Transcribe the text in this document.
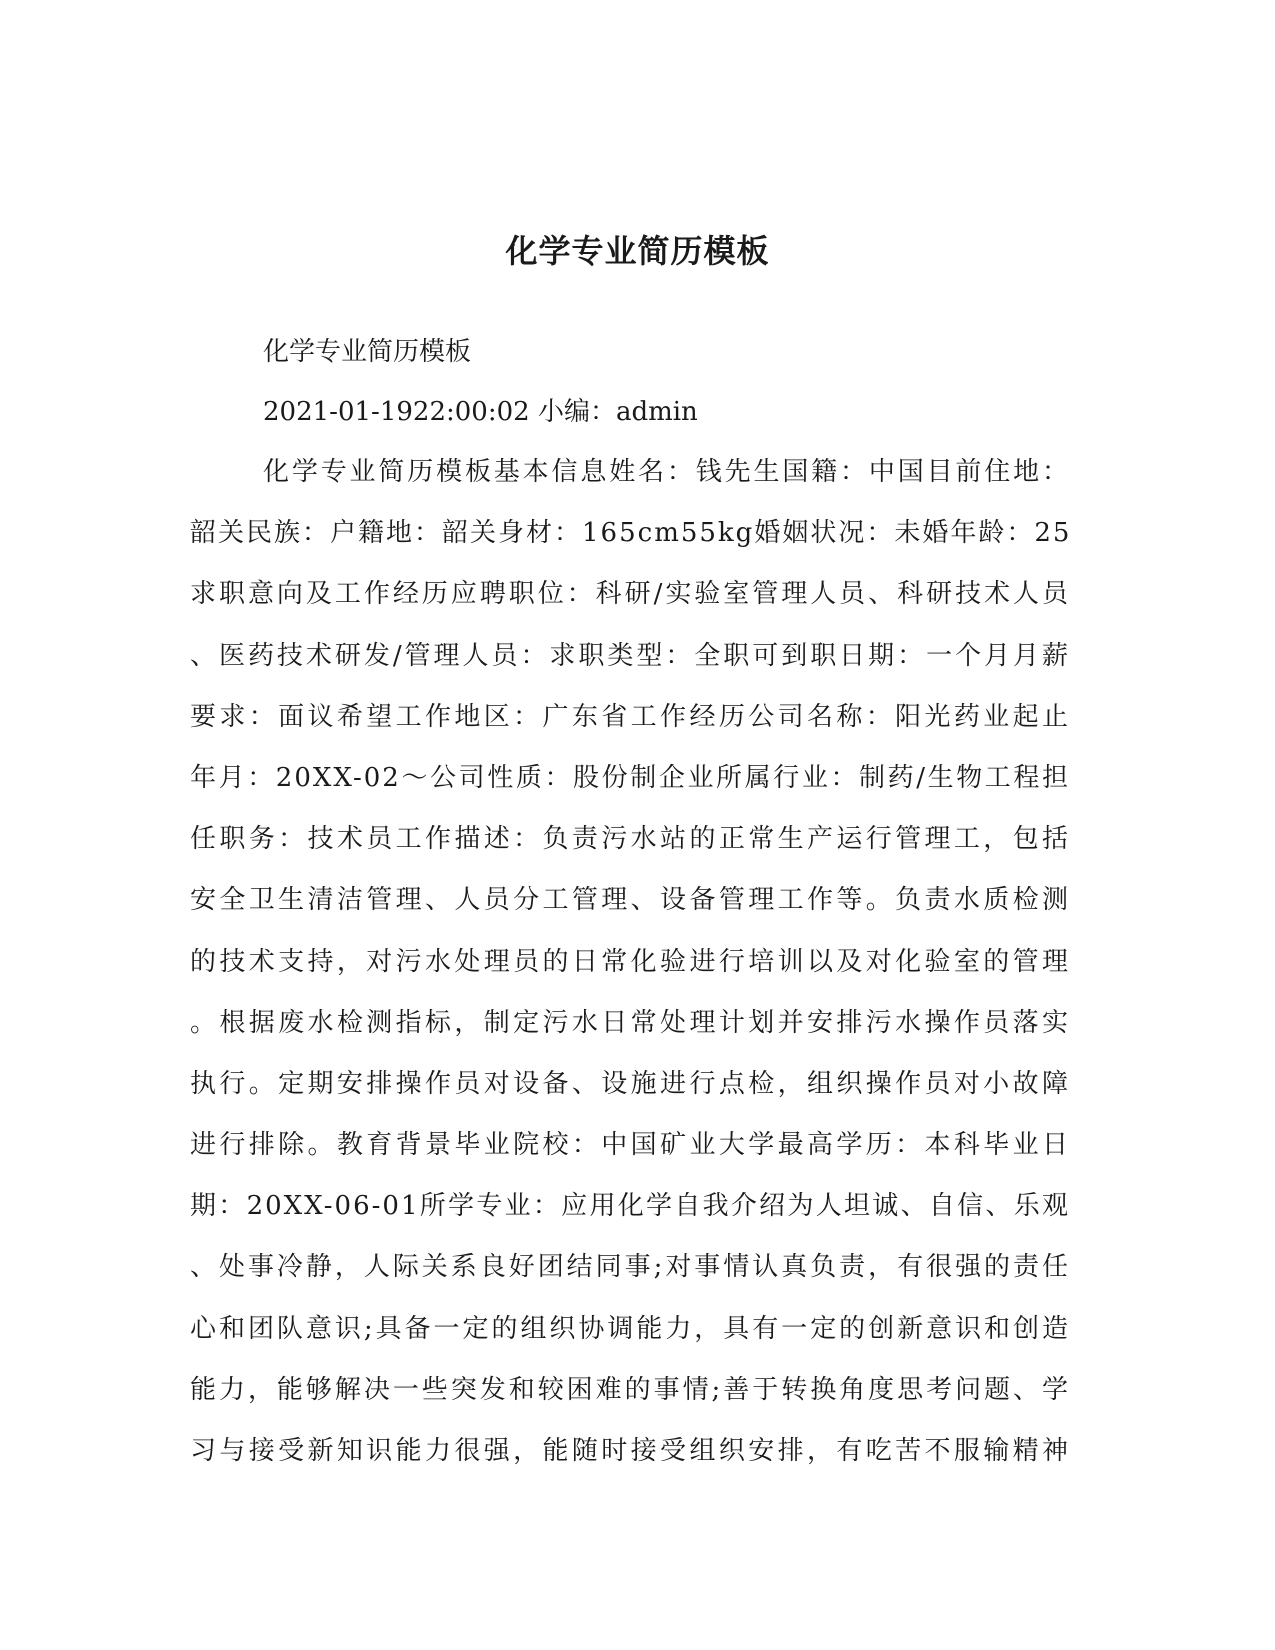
化学专业简历模板

化学专业简历模板

2021-01-1922:00:02 小编：admin

化学专业简历模板基本信息姓名：钱先生国籍：中国目前住地：
韶关民族：户籍地：韶关身材：165cm55kg婚姻状况：未婚年龄：25
求职意向及工作经历应聘职位：科研/实验室管理人员、科研技术人员
、医药技术研发/管理人员：求职类型：全职可到职日期：一个月月薪
要求：面议希望工作地区：广东省工作经历公司名称：阳光药业起止
年月：20XX-02～公司性质：股份制企业所属行业：制药/生物工程担
任职务：技术员工作描述：负责污水站的正常生产运行管理工，包括
安全卫生清洁管理、人员分工管理、设备管理工作等。负责水质检测
的技术支持，对污水处理员的日常化验进行培训以及对化验室的管理
。根据废水检测指标，制定污水日常处理计划并安排污水操作员落实
执行。定期安排操作员对设备、设施进行点检，组织操作员对小故障
进行排除。教育背景毕业院校：中国矿业大学最高学历：本科毕业日
期：20XX-06-01所学专业：应用化学自我介绍为人坦诚、自信、乐观
、处事冷静，人际关系良好团结同事;对事情认真负责，有很强的责任
心和团队意识;具备一定的组织协调能力，具有一定的创新意识和创造
能力，能够解决一些突发和较困难的事情;善于转换角度思考问题、学
习与接受新知识能力很强，能随时接受组织安排，有吃苦不服输精神
